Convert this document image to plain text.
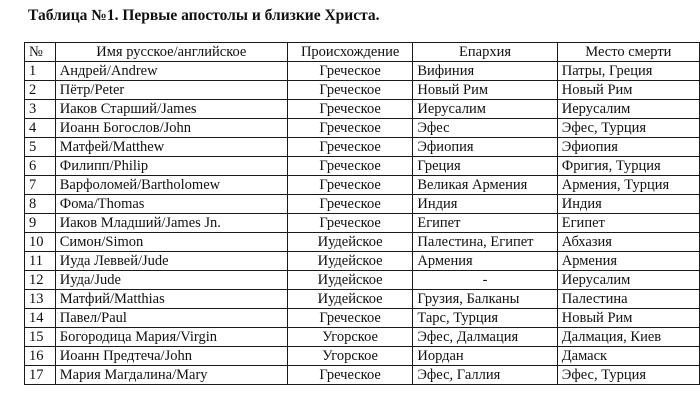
Таблица №1. Первые апостолы и близкие Христа.
№	Имя русское/английское	Происхождение	Епархия	Место смерти
1	Андрей/Andrew	Греческое	Вифиния	Патры, Греция
2	Пётр/Peter	Греческое	Новый Рим	Новый Рим
3	Иаков Старший/James	Греческое	Иерусалим	Иерусалим
4	Иоанн Богослов/John	Греческое	Эфес	Эфес, Турция
5	Матфей/Matthew	Греческое	Эфиопия	Эфиопия
6	Филипп/Philip	Греческое	Греция	Фригия, Турция
7	Варфоломей/Bartholomew	Греческое	Великая Армения	Армения, Турция
8	Фома/Thomas	Греческое	Индия	Индия
9	Иаков Младший/James Jn.	Греческое	Египет	Египет
10	Симон/Simon	Иудейское	Палестина, Египет	Абхазия
11	Иуда Леввей/Jude	Иудейское	Армения	Армения
12	Иуда/Jude	Иудейское	-	Иерусалим
13	Матфий/Matthias	Иудейское	Грузия, Балканы	Палестина
14	Павел/Paul	Греческое	Тарс, Турция	Новый Рим
15	Богородица Мария/Virgin	Угорское	Эфес, Далмация	Далмация, Киев
16	Иоанн Предтеча/John	Угорское	Иордан	Дамаск
17	Мария Магдалина/Mary	Греческое	Эфес, Галлия	Эфес, Турция
